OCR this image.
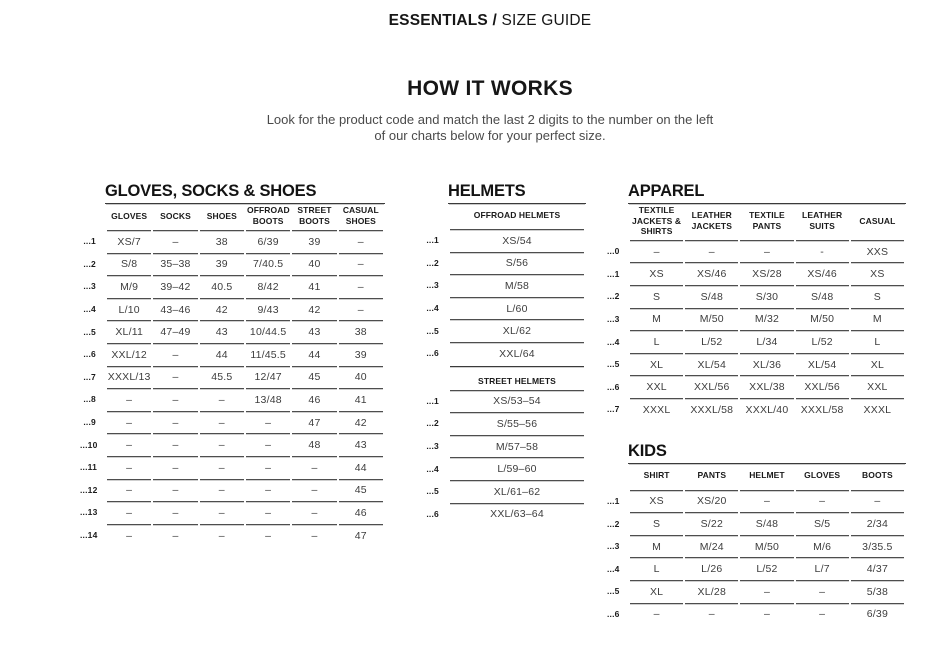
ESSENTIALS / SIZE GUIDE
HOW IT WORKS

Look for the product code and match the last 2 digits to the number on the left
of our charts below for your perfect size.

GLOVES, SOCKS & SHOES
	GLOVES	SOCKS	SHOES	OFFROAD BOOTS	STREET BOOTS	CASUAL SHOES
...1	XS/7	–	38	6/39	39	–
...2	S/8	35–38	39	7/40.5	40	–
...3	M/9	39–42	40.5	8/42	41	–
...4	L/10	43–46	42	9/43	42	–
...5	XL/11	47–49	43	10/44.5	43	38
...6	XXL/12	–	44	11/45.5	44	39
...7	XXXL/13	–	45.5	12/47	45	40
...8	–	–	–	13/48	46	41
...9	–	–	–	–	47	42
...10	–	–	–	–	48	43
...11	–	–	–	–	–	44
...12	–	–	–	–	–	45
...13	–	–	–	–	–	46
...14	–	–	–	–	–	47
HELMETS
	OFFROAD HELMETS
...1	XS/54
...2	S/56
...3	M/58
...4	L/60
...5	XL/62
...6	XXL/64
	STREET HELMETS
...1	XS/53–54
...2	S/55–56
...3	M/57–58
...4	L/59–60
...5	XL/61–62
...6	XXL/63–64
APPAREL
	TEXTILE JACKETS & SHIRTS	LEATHER JACKETS	TEXTILE PANTS	LEATHER SUITS	CASUAL
...0	–	–	–	-	XXS
...1	XS	XS/46	XS/28	XS/46	XS
...2	S	S/48	S/30	S/48	S
...3	M	M/50	M/32	M/50	M
...4	L	L/52	L/34	L/52	L
...5	XL	XL/54	XL/36	XL/54	XL
...6	XXL	XXL/56	XXL/38	XXL/56	XXL
...7	XXXL	XXXL/58	XXXL/40	XXXL/58	XXXL
KIDS
	SHIRT	PANTS	HELMET	GLOVES	BOOTS
...1	XS	XS/20	–	–	–
...2	S	S/22	S/48	S/5	2/34
...3	M	M/24	M/50	M/6	3/35.5
...4	L	L/26	L/52	L/7	4/37
...5	XL	XL/28	–	–	5/38
...6	–	–	–	–	6/39
